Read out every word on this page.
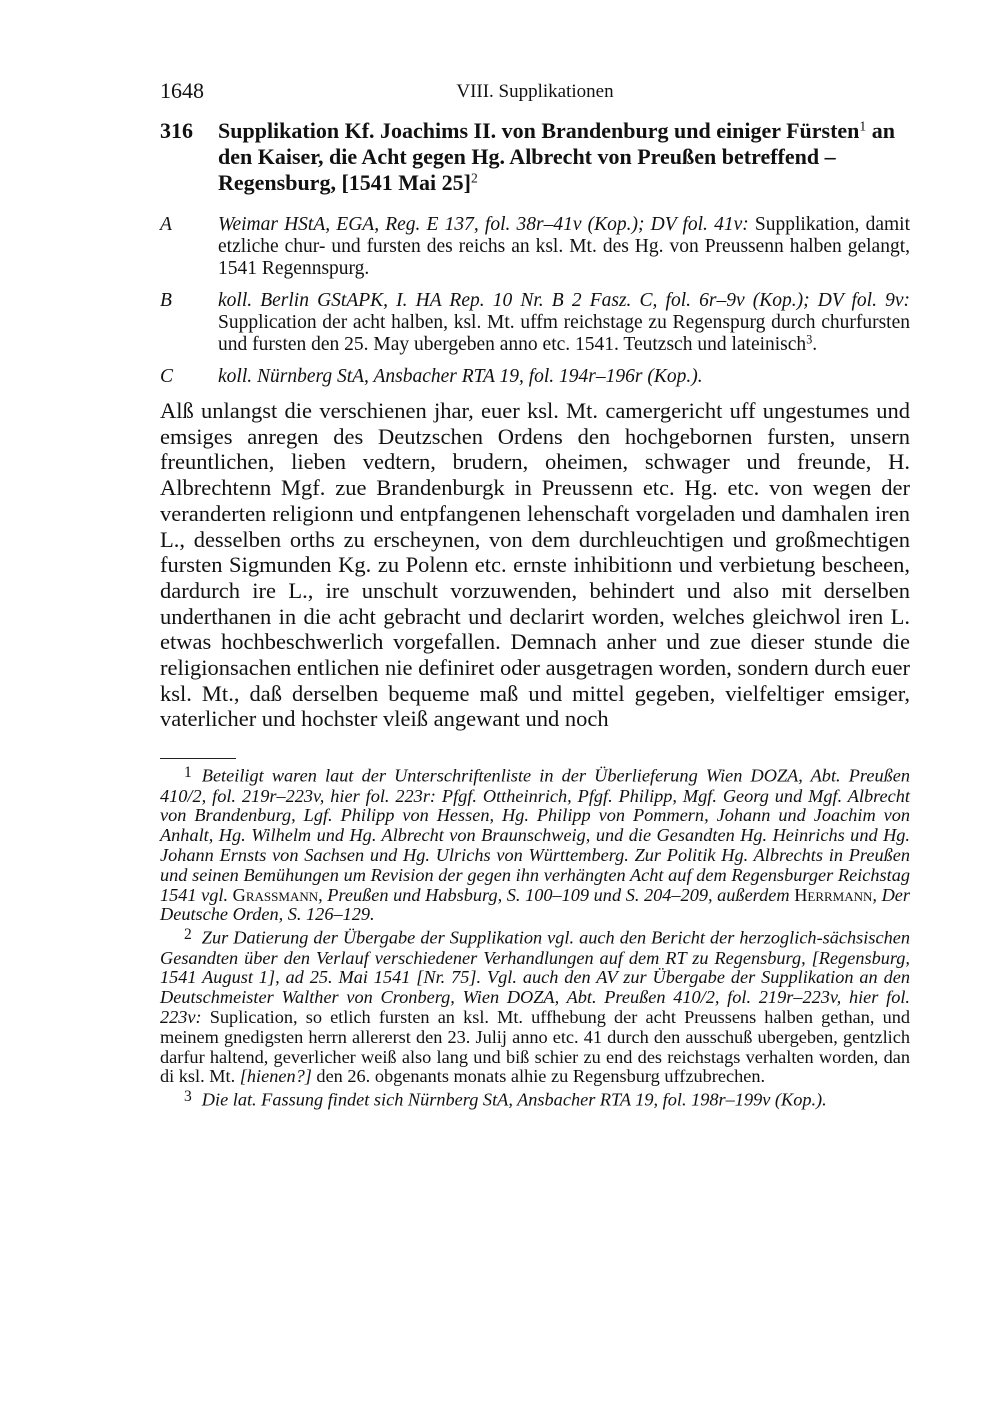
1648	VIII. Supplikationen
316	Supplikation Kf. Joachims II. von Brandenburg und einiger Fürsten$^1$ an den Kaiser, die Acht gegen Hg. Albrecht von Preußen betreffend – Regensburg, [1541 Mai 25]$^2$
A	Weimar HStA, EGA, Reg. E 137, fol. 38r–41v (Kop.); DV fol. 41v: Supplikation, damit etzliche chur- und fursten des reichs an ksl. Mt. des Hg. von Preussenn halben gelangt, 1541 Regennspurg.
B	koll. Berlin GStAPK, I. HA Rep. 10 Nr. B 2 Fasz. C, fol. 6r–9v (Kop.); DV fol. 9v: Supplication der acht halben, ksl. Mt. uffm reichstage zu Regenspurg durch churfursten und fursten den 25. May ubergeben anno etc. 1541. Teutzsch und lateinisch$^3$.
C	koll. Nürnberg StA, Ansbacher RTA 19, fol. 194r–196r (Kop.).

Alß unlangst die verschienen jhar, euer ksl. Mt. camergericht uff ungestumes und emsiges anregen des Deutzschen Ordens den hochgebornen fursten, unsern freuntlichen, lieben vedtern, brudern, oheimen, schwager und freunde, H. Albrechtenn Mgf. zue Brandenburgk in Preussenn etc. Hg. etc. von wegen der veranderten religionn und entpfangenen lehenschaft vorgeladen und damhalen iren L., desselben orths zu erscheynen, von dem durchleuchtigen und großmechtigen fursten Sigmunden Kg. zu Polenn etc. ernste inhibitionn und verbietung bescheen, dardurch ire L., ire unschult vorzuwenden, behindert und also mit derselben underthanen in die acht gebracht und declarirt worden, welches gleichwol iren L. etwas hochbeschwerlich vorgefallen. Demnach anher und zue dieser stunde die religionsachen entlichen nie definiret oder ausgetragen worden, sondern durch euer ksl. Mt., daß derselben bequeme maß und mittel gegeben, vielfeltiger emsiger, vaterlicher und hochster vleiß angewant und noch

$^1$ Beteiligt waren laut der Unterschriftenliste in der Überlieferung Wien DOZA, Abt. Preußen 410/2, fol. 219r–223v, hier fol. 223r: Pfgf. Ottheinrich, Pfgf. Philipp, Mgf. Georg und Mgf. Albrecht von Brandenburg, Lgf. Philipp von Hessen, Hg. Philipp von Pommern, Johann und Joachim von Anhalt, Hg. Wilhelm und Hg. Albrecht von Braunschweig, und die Gesandten Hg. Heinrichs und Hg. Johann Ernsts von Sachsen und Hg. Ulrichs von Württemberg. Zur Politik Hg. Albrechts in Preußen und seinen Bemühungen um Revision der gegen ihn verhängten Acht auf dem Regensburger Reichstag 1541 vgl. Grassmann, Preußen und Habsburg, S. 100–109 und S. 204–209, außerdem Herrmann, Der Deutsche Orden, S. 126–129.

$^2$ Zur Datierung der Übergabe der Supplikation vgl. auch den Bericht der herzoglich-sächsischen Gesandten über den Verlauf verschiedener Verhandlungen auf dem RT zu Regensburg, [Regensburg, 1541 August 1], ad 25. Mai 1541 [Nr. 75]. Vgl. auch den AV zur Übergabe der Supplikation an den Deutschmeister Walther von Cronberg, Wien DOZA, Abt. Preußen 410/2, fol. 219r–223v, hier fol. 223v: Suplication, so etlich fursten an ksl. Mt. uffhebung der acht Preussens halben gethan, und meinem gnedigsten herrn allererst den 23. Julij anno etc. 41 durch den ausschuß ubergeben, gentzlich darfur haltend, geverlicher weiß also lang und biß schier zu end des reichstags verhalten worden, dan di ksl. Mt. [hienen?] den 26. obgenants monats alhie zu Regensburg uffzubrechen.

$^3$ Die lat. Fassung findet sich Nürnberg StA, Ansbacher RTA 19, fol. 198r–199v (Kop.).
